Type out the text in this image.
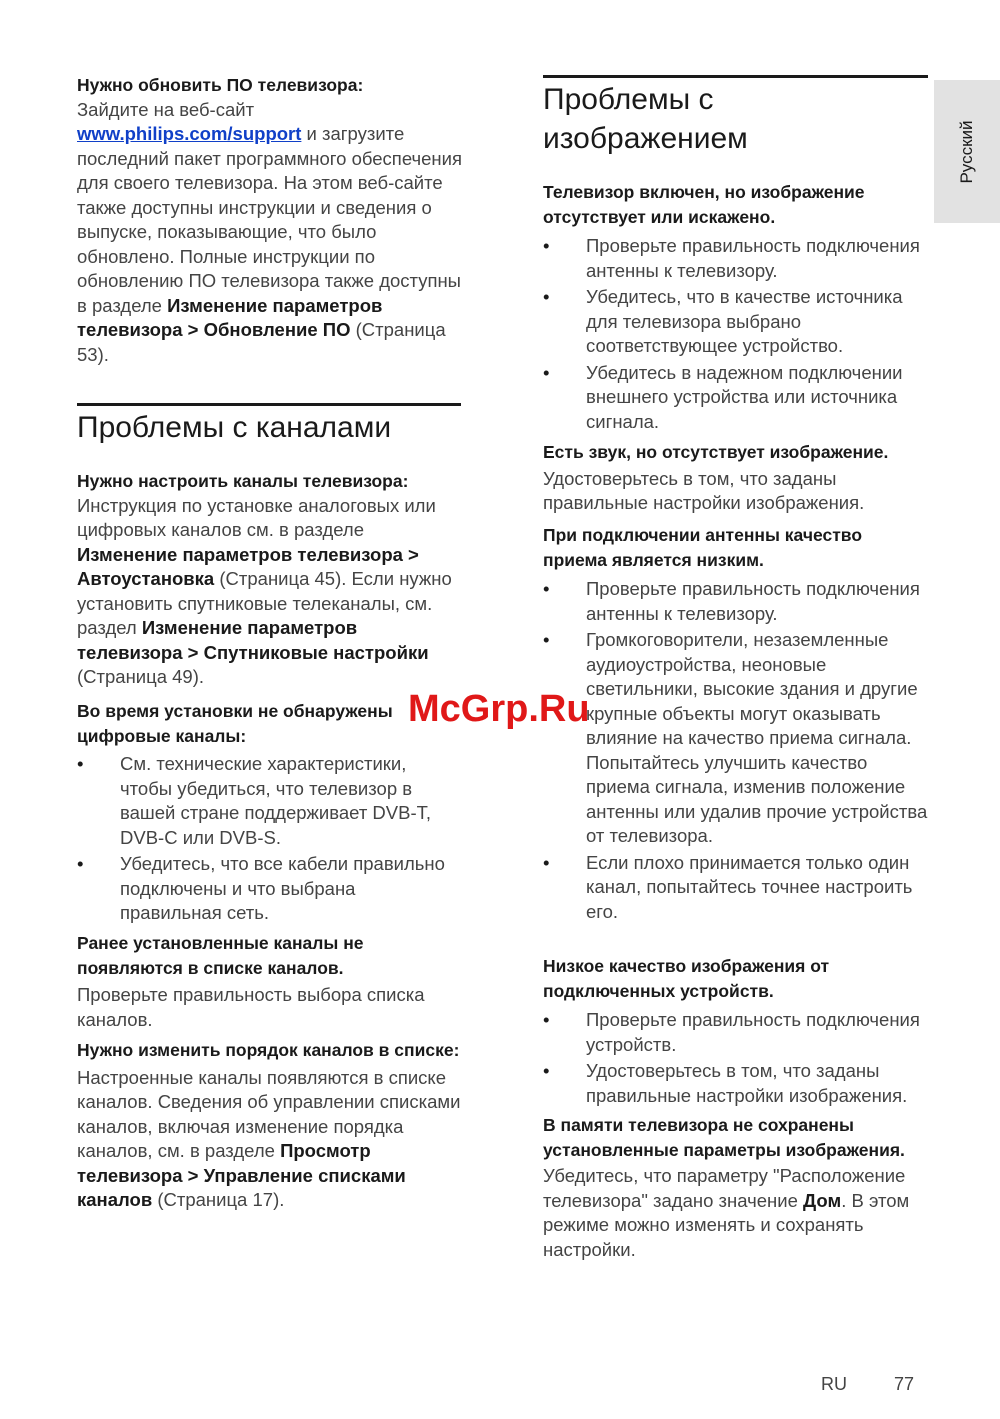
Нужно обновить ПО телевизора:
Зайдите на веб-сайт
www.philips.com/support и загрузите последний пакет программного обеспечения для своего телевизора. На этом веб-сайте также доступны инструкции и сведения о выпуске, показывающие, что было обновлено. Полные инструкции по обновлению ПО телевизора также доступны в разделе Изменение параметров телевизора > Обновление ПО (Страница 53).
Проблемы с каналами
Нужно настроить каналы телевизора:
Инструкция по установке аналоговых или цифровых каналов см. в разделе Изменение параметров телевизора > Автоустановка (Страница 45). Если нужно установить спутниковые телеканалы, см. раздел Изменение параметров телевизора > Спутниковые настройки (Страница 49).
Во время установки не обнаружены цифровые каналы:
• См. технические характеристики, чтобы убедиться, что телевизор в вашей стране поддерживает DVB-T, DVB-C или DVB-S.
• Убедитесь, что все кабели правильно подключены и что выбрана правильная сеть.
Ранее установленные каналы не появляются в списке каналов.
Проверьте правильность выбора списка каналов.
Нужно изменить порядок каналов в списке:
Настроенные каналы появляются в списке каналов. Сведения об управлении списками каналов, включая изменение порядка каналов, см. в разделе Просмотр телевизора > Управление списками каналов (Страница 17).
Проблемы с изображением
Телевизор включен, но изображение отсутствует или искажено.
• Проверьте правильность подключения антенны к телевизору.
• Убедитесь, что в качестве источника для телевизора выбрано соответствующее устройство.
• Убедитесь в надежном подключении внешнего устройства или источника сигнала.
Есть звук, но отсутствует изображение.
Удостоверьтесь в том, что заданы правильные настройки изображения.
При подключении антенны качество приема является низким.
• Проверьте правильность подключения антенны к телевизору.
• Громкоговорители, незаземленные аудиоустройства, неоновые светильники, высокие здания и другие крупные объекты могут оказывать влияние на качество приема сигнала. Попытайтесь улучшить качество приема сигнала, изменив положение антенны или удалив прочие устройства от телевизора.
• Если плохо принимается только один канал, попытайтесь точнее настроить его.
Низкое качество изображения от подключенных устройств.
• Проверьте правильность подключения устройств.
• Удостоверьтесь в том, что заданы правильные настройки изображения.
В памяти телевизора не сохранены установленные параметры изображения.
Убедитесь, что параметру "Расположение телевизора" задано значение Дом. В этом режиме можно изменять и сохранять настройки.
Русский
McGrp.Ru
RU	77
